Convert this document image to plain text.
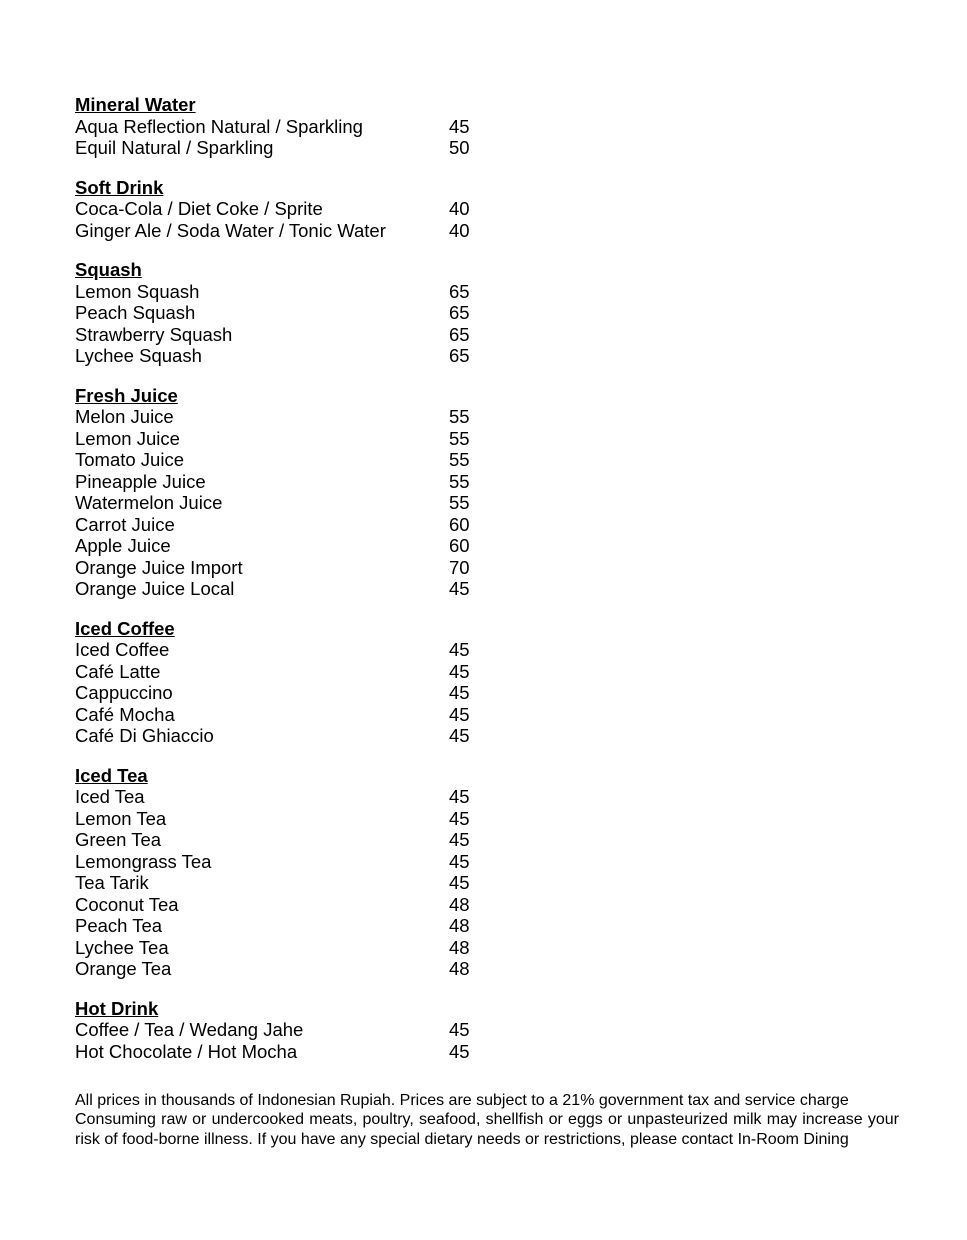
Mineral Water
Aqua Reflection Natural / Sparkling	45
Equil Natural / Sparkling	50
Soft Drink
Coca-Cola / Diet Coke / Sprite	40
Ginger Ale / Soda Water / Tonic Water	40
Squash
Lemon Squash	65
Peach Squash	65
Strawberry Squash	65
Lychee Squash	65
Fresh Juice
Melon Juice	55
Lemon Juice	55
Tomato Juice	55
Pineapple Juice	55
Watermelon Juice	55
Carrot Juice	60
Apple Juice	60
Orange Juice Import	70
Orange Juice Local	45
Iced Coffee
Iced Coffee	45
Café Latte	45
Cappuccino	45
Café Mocha	45
Café Di Ghiaccio	45
Iced Tea
Iced Tea	45
Lemon Tea	45
Green Tea	45
Lemongrass Tea	45
Tea Tarik	45
Coconut Tea	48
Peach Tea	48
Lychee Tea	48
Orange Tea	48
Hot Drink
Coffee / Tea / Wedang Jahe	45
Hot Chocolate / Hot Mocha	45

All prices in thousands of Indonesian Rupiah. Prices are subject to a 21% government tax and service charge

Consuming raw or undercooked meats, poultry, seafood, shellfish or eggs or unpasteurized milk may increase your risk of food-borne illness. If you have any special dietary needs or restrictions, please contact In-Room Dining
